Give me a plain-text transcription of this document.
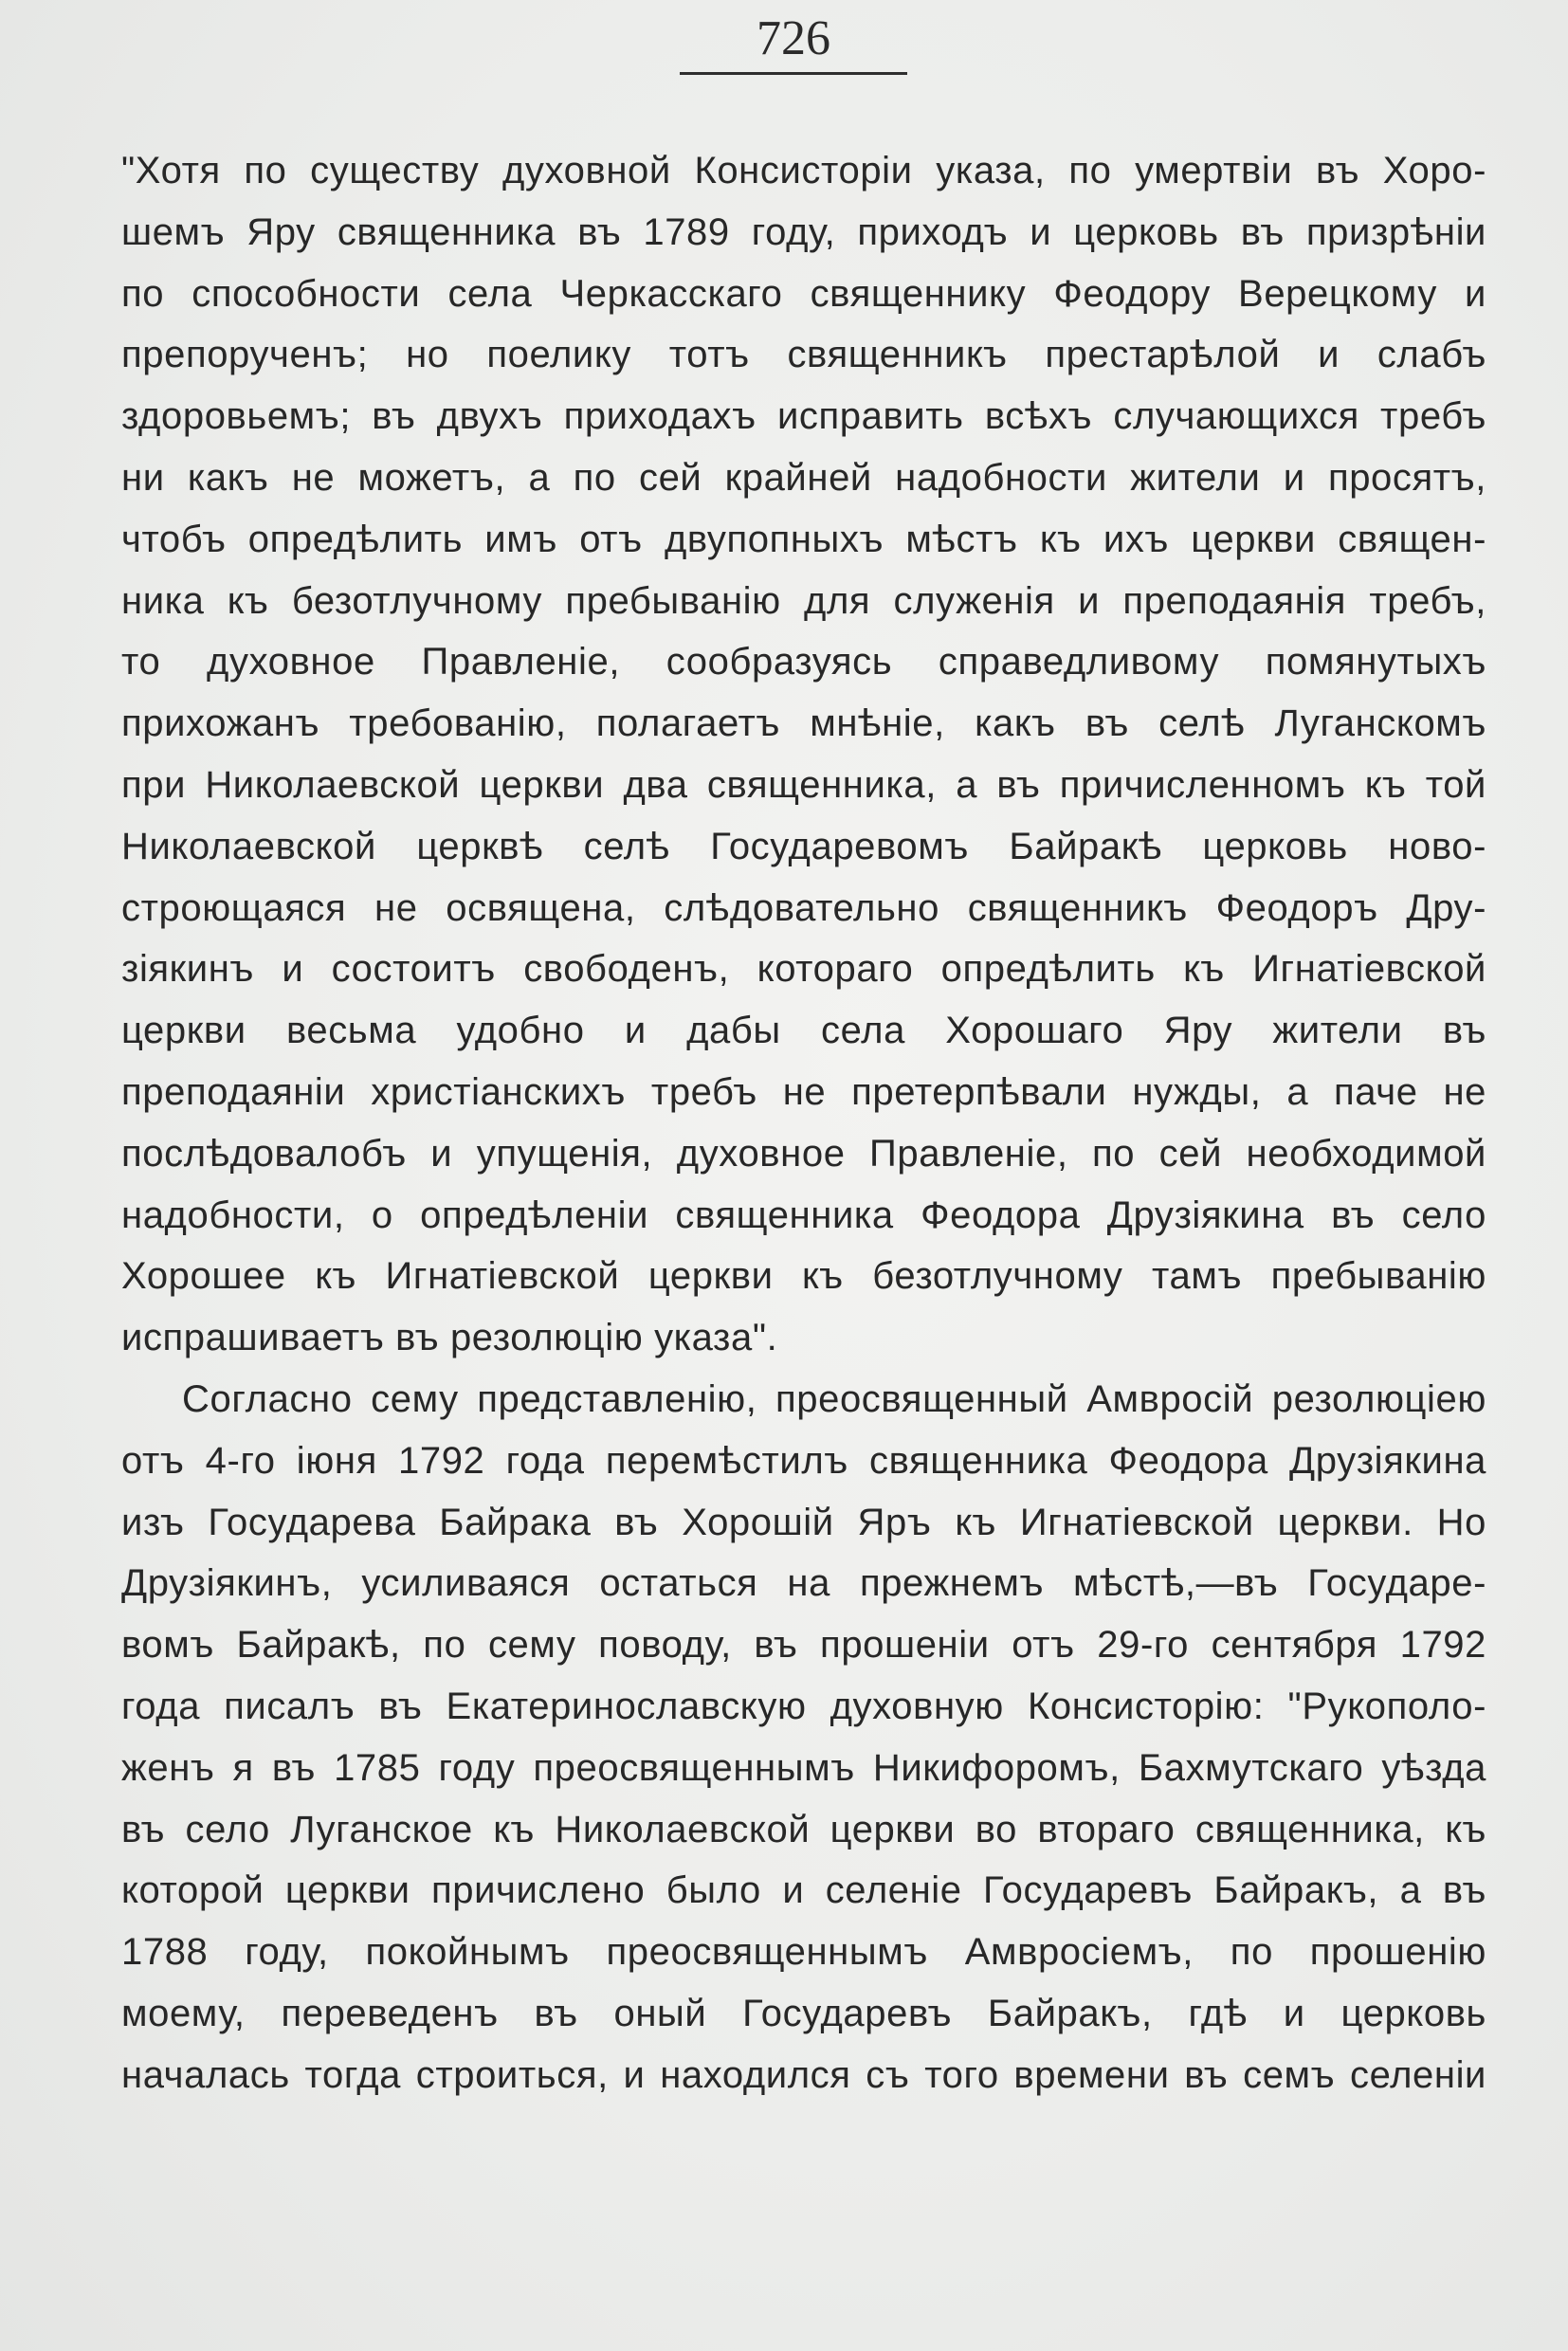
726
"Хотя по существу духовной Консисторіи указа, по умертвіи въ Хоро-
шемъ Яру священника въ 1789 году, приходъ и церковь въ призрѣніи
по способности села Черкасскаго священнику Феодору Верецкому и
препорученъ; но поелику тотъ священникъ престарѣлой и слабъ
здоровьемъ; въ двухъ приходахъ исправить всѣхъ случающихся требъ
ни какъ не можетъ, а по сей крайней надобности жители и просятъ,
чтобъ опредѣлить имъ отъ двупопныхъ мѣстъ къ ихъ церкви священ-
ника къ безотлучному пребыванію для служенія и преподаянія требъ,
то духовное Правленіе, сообразуясь справедливому помянутыхъ
прихожанъ требованію, полагаетъ мнѣніе, какъ въ селѣ Луганскомъ
при Николаевской церкви два священника, а въ причисленномъ къ той
Николаевской церквѣ селѣ Государевомъ Байракѣ церковь ново-
строющаяся не освящена, слѣдовательно священникъ Феодоръ Дру-
зіякинъ и состоитъ свободенъ, котораго опредѣлить къ Игнатіевской
церкви весьма удобно и дабы села Хорошаго Яру жители въ
преподаяніи христіанскихъ требъ не претерпѣвали нужды, а паче не
послѣдовалобъ и упущенія, духовное Правленіе, по сей необходимой
надобности, о опредѣленіи священника Феодора Друзіякина въ село
Хорошее къ Игнатіевской церкви къ безотлучному тамъ пребыванію
испрашиваетъ въ резолюцію указа".
Согласно сему представленію, преосвященный Амвросій резолюціею
отъ 4-го іюня 1792 года перемѣстилъ священника Феодора Друзіякина
изъ Государева Байрака въ Хорошій Яръ къ Игнатіевской церкви. Но
Друзіякинъ, усиливаяся остаться на прежнемъ мѣстѣ,—въ Государе-
вомъ Байракѣ, по сему поводу, въ прошеніи отъ 29-го сентября 1792
года писалъ въ Екатеринославскую духовную Консисторію: "Рукополо-
женъ я въ 1785 году преосвященнымъ Никифоромъ, Бахмутскаго уѣзда
въ село Луганское къ Николаевской церкви во втораго священника, къ
которой церкви причислено было и селеніе Государевъ Байракъ, а въ
1788 году, покойнымъ преосвященнымъ Амвросіемъ, по прошенію
моему, переведенъ въ оный Государевъ Байракъ, гдѣ и церковь
началась тогда строиться, и находился съ того времени въ семъ селеніи
